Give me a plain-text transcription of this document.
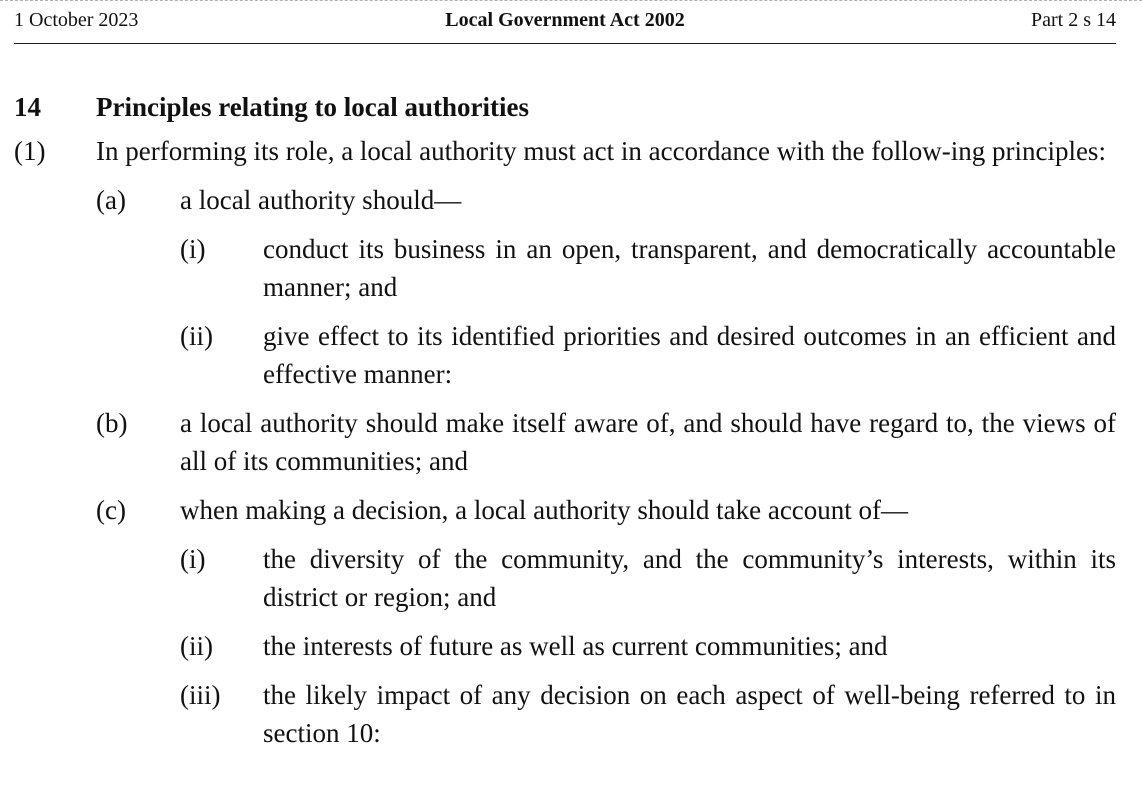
1 October 2023	Local Government Act 2002	Part 2 s 14
14 Principles relating to local authorities
(1) In performing its role, a local authority must act in accordance with the follow-ing principles:
(a) a local authority should—
(i) conduct its business in an open, transparent, and democratically accountable manner; and
(ii) give effect to its identified priorities and desired outcomes in an efficient and effective manner:
(b) a local authority should make itself aware of, and should have regard to, the views of all of its communities; and
(c) when making a decision, a local authority should take account of—
(i) the diversity of the community, and the community’s interests, within its district or region; and
(ii) the interests of future as well as current communities; and
(iii) the likely impact of any decision on each aspect of well-being referred to in section 10:
